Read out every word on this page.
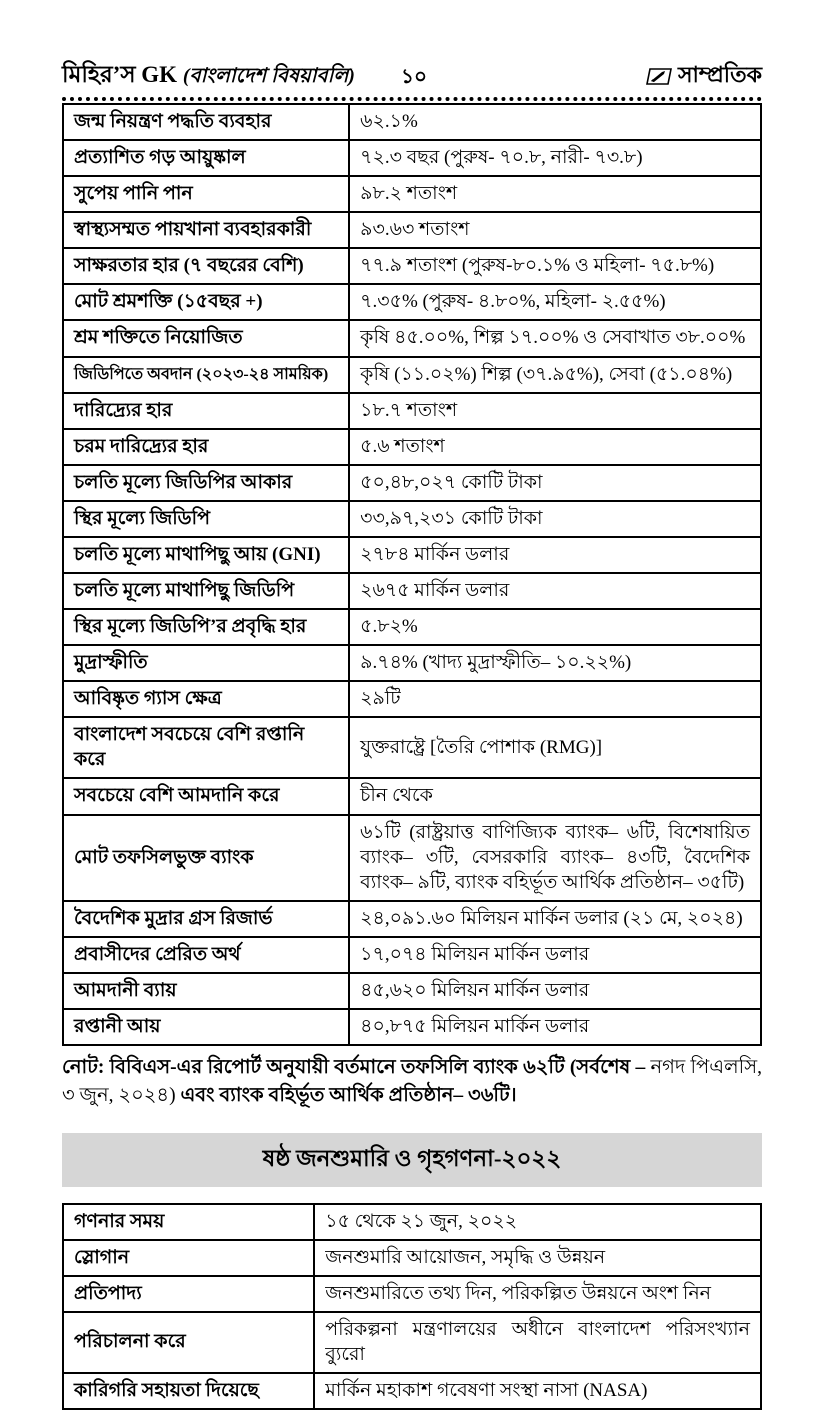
মিহির’স GK (বাংলাদেশ বিষয়াবলি) ১০	সাম্প্রতিক
জন্ম নিয়ন্ত্রণ পদ্ধতি ব্যবহার	৬২.১%
প্রত্যাশিত গড় আয়ুষ্কাল	৭২.৩ বছর (পুরুষ- ৭০.৮, নারী- ৭৩.৮)
সুপেয় পানি পান	৯৮.২ শতাংশ
স্বাস্থ্যসম্মত পায়খানা ব্যবহারকারী	৯৩.৬৩ শতাংশ
সাক্ষরতার হার (৭ বছরের বেশি)	৭৭.৯ শতাংশ (পুরুষ-৮০.১% ও মহিলা- ৭৫.৮%)
মোট শ্রমশক্তি (১৫বছর +)	৭.৩৫% (পুরুষ- ৪.৮০%, মহিলা- ২.৫৫%)
শ্রম শক্তিতে নিয়োজিত	কৃষি ৪৫.০০%, শিল্প ১৭.০০% ও সেবাখাত ৩৮.০০%
জিডিপিতে অবদান (২০২৩-২৪ সাময়িক)	কৃষি (১১.০২%) শিল্প (৩৭.৯৫%), সেবা (৫১.০৪%)
দারিদ্র্যের হার	১৮.৭ শতাংশ
চরম দারিদ্র্যের হার	৫.৬ শতাংশ
চলতি মূল্যে জিডিপির আকার	৫০,৪৮,০২৭ কোটি টাকা
স্থির মূল্যে জিডিপি	৩৩,৯৭,২৩১ কোটি টাকা
চলতি মূল্যে মাথাপিছু আয় (GNI)	২৭৮৪ মার্কিন ডলার
চলতি মূল্যে মাথাপিছু জিডিপি	২৬৭৫ মার্কিন ডলার
স্থির মূল্যে জিডিপি’র প্রবৃদ্ধি হার	৫.৮২%
মুদ্রাস্ফীতি	৯.৭৪% (খাদ্য মুদ্রাস্ফীতি– ১০.২২%)
আবিষ্কৃত গ্যাস ক্ষেত্র	২৯টি
বাংলাদেশ সবচেয়ে বেশি রপ্তানি করে	যুক্তরাষ্ট্রে [তৈরি পোশাক (RMG)]
সবচেয়ে বেশি আমদানি করে	চীন থেকে
মোট তফসিলভুক্ত ব্যাংক	৬১টি (রাষ্ট্রয়াত্ত বাণিজ্যিক ব্যাংক– ৬টি, বিশেষায়িত ব্যাংক– ৩টি, বেসরকারি ব্যাংক– ৪৩টি, বৈদেশিক ব্যাংক– ৯টি, ব্যাংক বহির্ভূত আর্থিক প্রতিষ্ঠান– ৩৫টি)
বৈদেশিক মুদ্রার গ্রস রিজার্ভ	২৪,০৯১.৬০ মিলিয়ন মার্কিন ডলার (২১ মে, ২০২৪)
প্রবাসীদের প্রেরিত অর্থ	১৭,০৭৪ মিলিয়ন মার্কিন ডলার
আমদানী ব্যায়	৪৫,৬২০ মিলিয়ন মার্কিন ডলার
রপ্তানী আয়	৪০,৮৭৫ মিলিয়ন মার্কিন ডলার

নোট: বিবিএস-এর রিপোর্ট অনুযায়ী বর্তমানে তফসিলি ব্যাংক ৬২টি (সর্বশেষ – নগদ পিএলসি, ৩ জুন, ২০২৪) এবং ব্যাংক বহির্ভূত আর্থিক প্রতিষ্ঠান– ৩৬টি।

ষষ্ঠ জনশুমারি ও গৃহগণনা-২০২২
গণনার সময়	১৫ থেকে ২১ জুন, ২০২২
স্লোগান	জনশুমারি আয়োজন, সমৃদ্ধি ও উন্নয়ন
প্রতিপাদ্য	জনশুমারিতে তথ্য দিন, পরিকল্পিত উন্নয়নে অংশ নিন
পরিচালনা করে	পরিকল্পনা মন্ত্রণালয়ের অধীনে বাংলাদেশ পরিসংখ্যান ব্যুরো
কারিগরি সহায়তা দিয়েছে	মার্কিন মহাকাশ গবেষণা সংস্থা নাসা (NASA)
